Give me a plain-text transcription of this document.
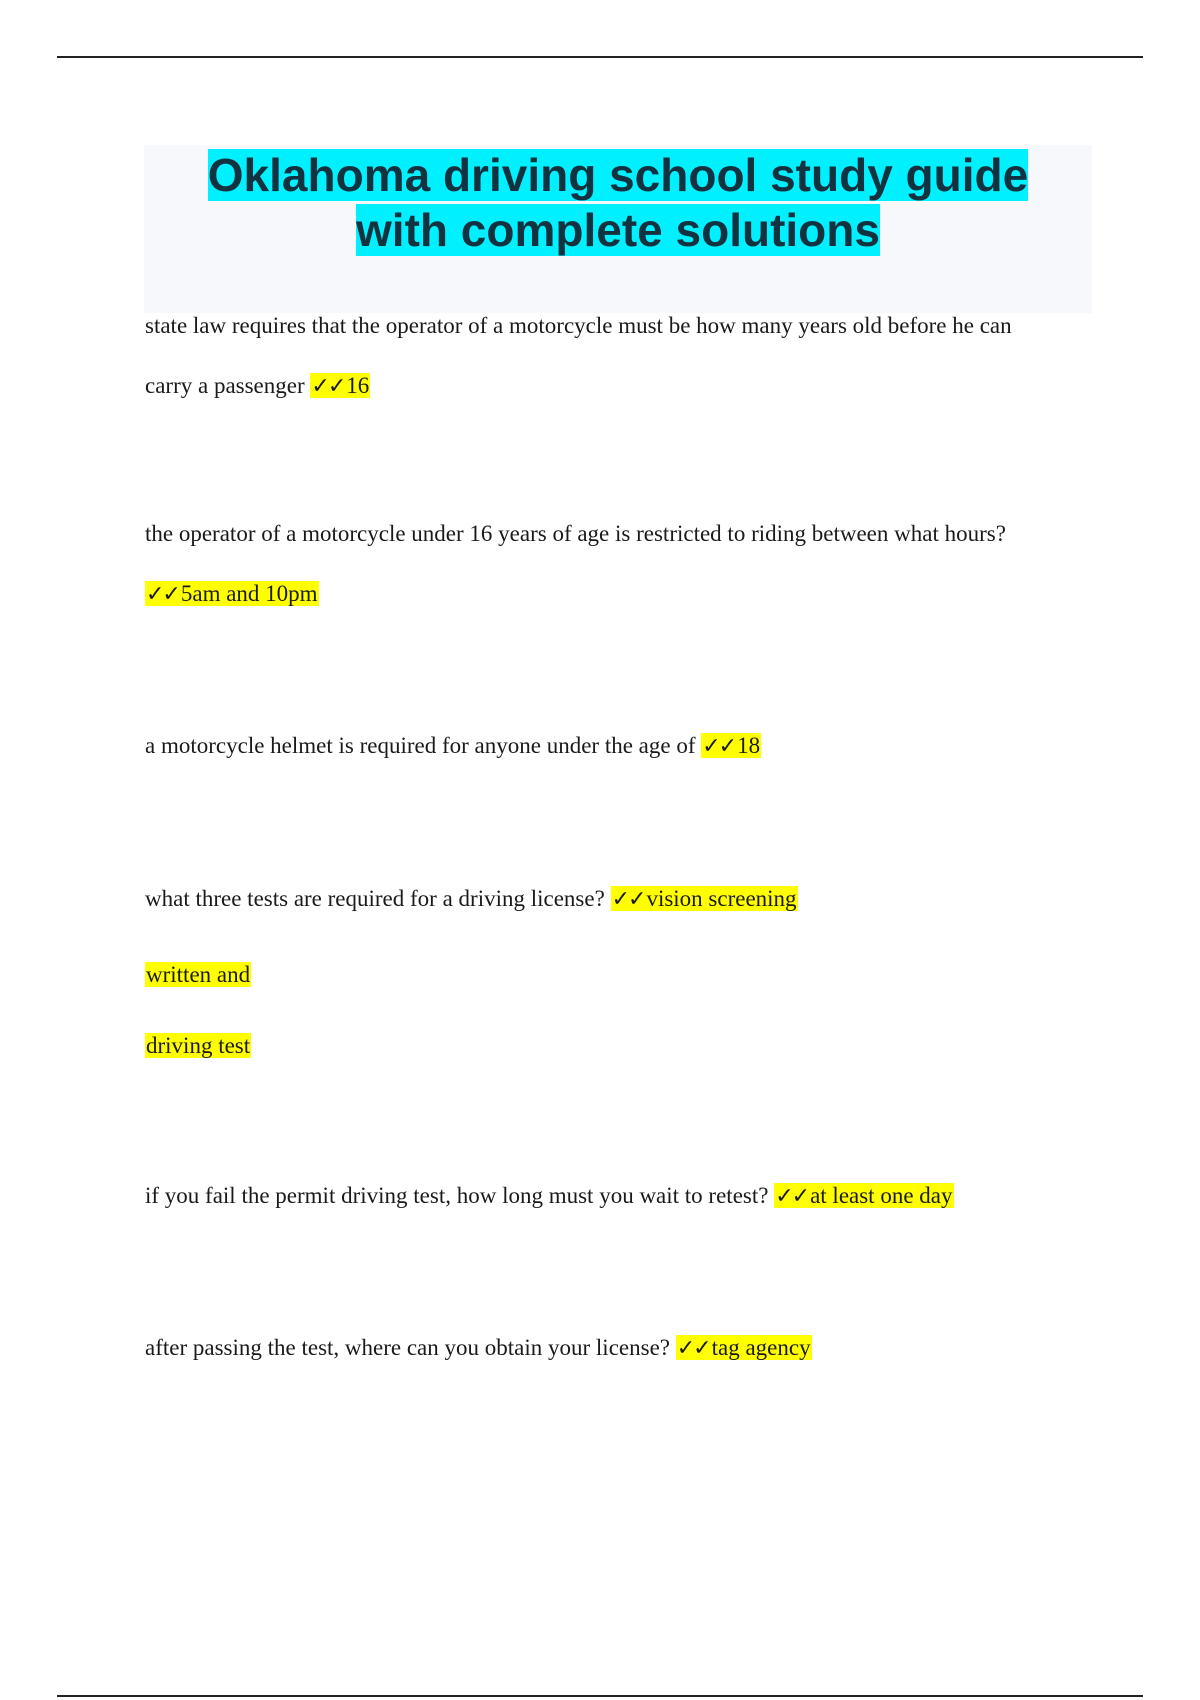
Oklahoma driving school study guide
with complete solutions
state law requires that the operator of a motorcycle must be how many years old before he can
carry a passenger ✓✓16
the operator of a motorcycle under 16 years of age is restricted to riding between what hours?
✓✓5am and 10pm
a motorcycle helmet is required for anyone under the age of ✓✓18
what three tests are required for a driving license? ✓✓vision screening
written and
driving test
if you fail the permit driving test, how long must you wait to retest? ✓✓at least one day
after passing the test, where can you obtain your license? ✓✓tag agency
